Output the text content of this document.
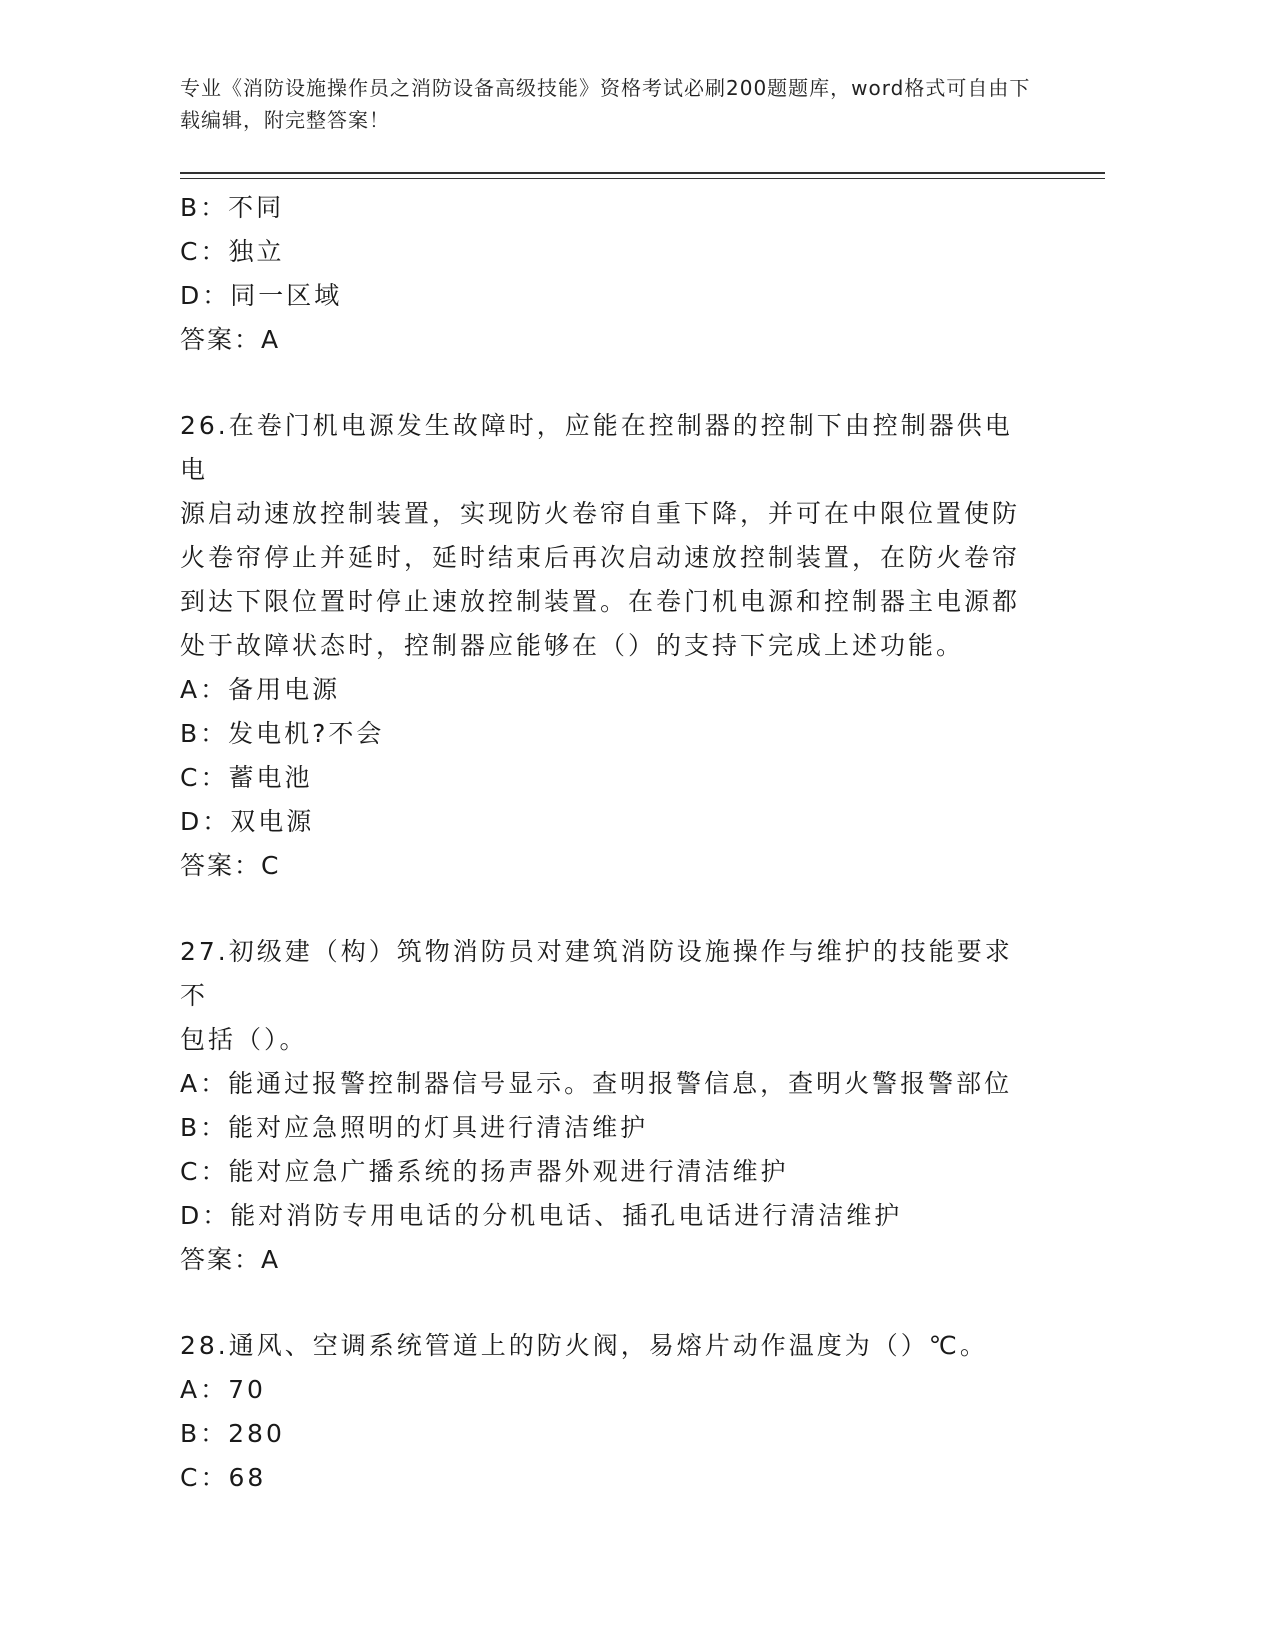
专业《消防设施操作员之消防设备高级技能》资格考试必刷200题题库，word格式可自由下载编辑，附完整答案！
B：不同
C：独立
D：同一区域
答案：A
26.在卷门机电源发生故障时，应能在控制器的控制下由控制器供电电
源启动速放控制装置，实现防火卷帘自重下降，并可在中限位置使防
火卷帘停止并延时，延时结束后再次启动速放控制装置，在防火卷帘
到达下限位置时停止速放控制装置。在卷门机电源和控制器主电源都
处于故障状态时，控制器应能够在（）的支持下完成上述功能。
A：备用电源
B：发电机?不会
C：蓄电池
D：双电源
答案：C
27.初级建（构）筑物消防员对建筑消防设施操作与维护的技能要求不
包括（）。
A：能通过报警控制器信号显示。查明报警信息，查明火警报警部位
B：能对应急照明的灯具进行清洁维护
C：能对应急广播系统的扬声器外观进行清洁维护
D：能对消防专用电话的分机电话、插孔电话进行清洁维护
答案：A
28.通风、空调系统管道上的防火阀，易熔片动作温度为（）℃。
A：70
B：280
C：68
